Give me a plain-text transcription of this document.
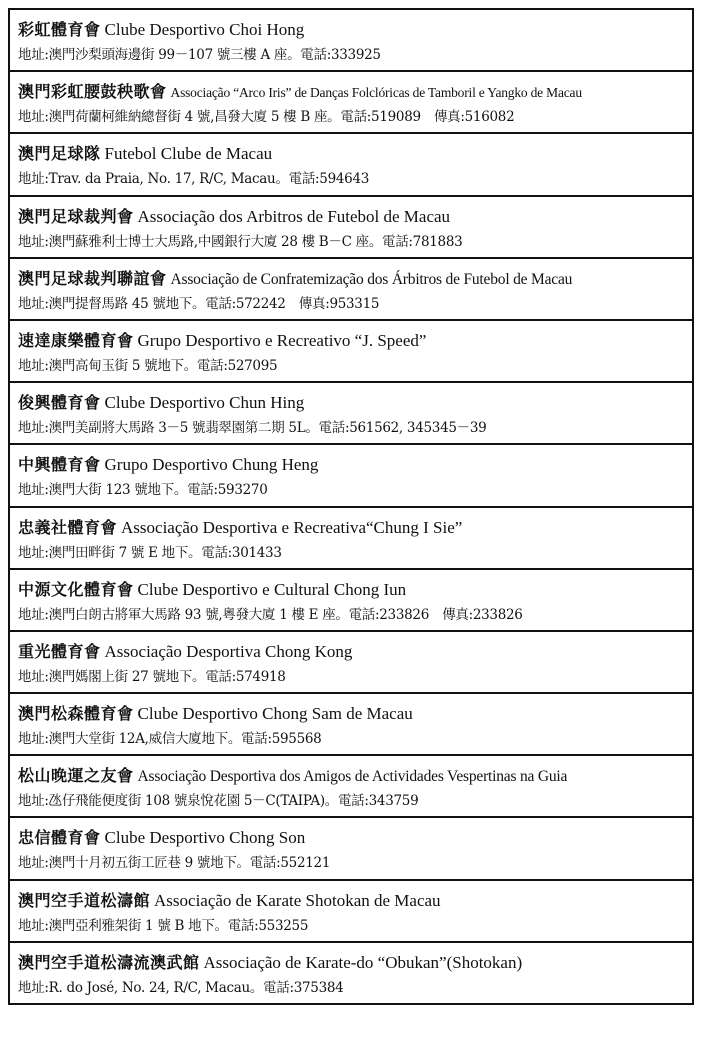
彩虹體育會 Clube Desportivo Choi Hong
地址:澳門沙梨頭海邊街 99－107 號三樓 A 座。電話:333925
澳門彩虹腰鼓秧歌會 Associação “Arco Iris” de Danças Folclóricas de Tamboril e Yangko de Macau
地址:澳門荷蘭柯維納總督街 4 號,昌發大廈 5 樓 B 座。電話:519089　傳真:516082
澳門足球隊 Futebol Clube de Macau
地址:Trav. da Praia, No. 17, R/C, Macau。電話:594643
澳門足球裁判會 Associação dos Arbitros de Futebol de Macau
地址:澳門蘇雅利士博士大馬路,中國銀行大廈 28 樓 B－C 座。電話:781883
澳門足球裁判聯誼會 Associação de Confratemização dos Árbitros de Futebol de Macau
地址:澳門提督馬路 45 號地下。電話:572242　傳真:953315
速達康樂體育會 Grupo Desportivo e Recreativo “J. Speed”
地址:澳門高甸玉街 5 號地下。電話:527095
俊興體育會 Clube Desportivo Chun Hing
地址:澳門美副將大馬路 3－5 號翡翠園第二期 5L。電話:561562, 345345－39
中興體育會 Grupo Desportivo Chung Heng
地址:澳門大街 123 號地下。電話:593270
忠義社體育會 Associação Desportiva e Recreativa“Chung I Sie”
地址:澳門田畔街 7 號 E 地下。電話:301433
中源文化體育會 Clube Desportivo e Cultural Chong Iun
地址:澳門白朗古將軍大馬路 93 號,粵發大廈 1 樓 E 座。電話:233826　傳真:233826
重光體育會 Associação Desportiva Chong Kong
地址:澳門媽閣上街 27 號地下。電話:574918
澳門松森體育會 Clube Desportivo Chong Sam de Macau
地址:澳門大堂街 12A,威信大廈地下。電話:595568
松山晚運之友會 Associação Desportiva dos Amigos de Actividades Vespertinas na Guia
地址:氹仔飛能便度街 108 號泉悅花園 5－C(TAIPA)。電話:343759
忠信體育會 Clube Desportivo Chong Son
地址:澳門十月初五街工匠巷 9 號地下。電話:552121
澳門空手道松濤館 Associação de Karate Shotokan de Macau
地址:澳門亞利雅架街 1 號 B 地下。電話:553255
澳門空手道松濤流澳武館 Associação de Karate-do “Obukan”(Shotokan)
地址:R. do José, No. 24, R/C, Macau。電話:375384
